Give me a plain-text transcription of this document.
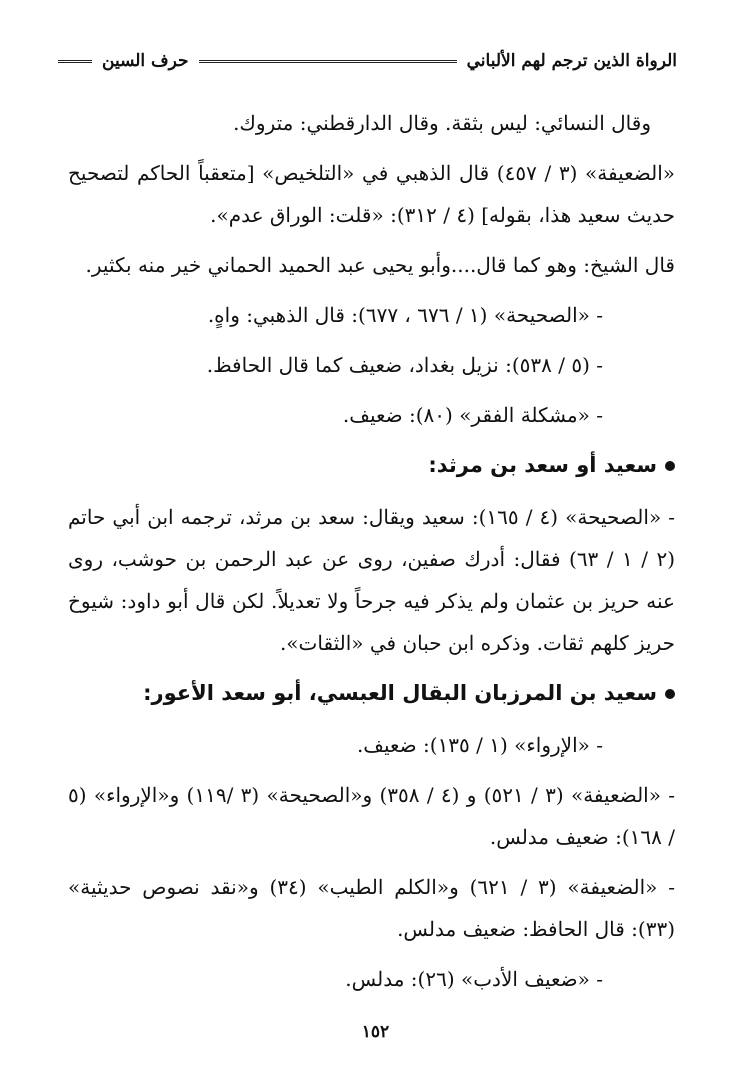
الرواة الذين ترجم لهم الألباني
حرف السين

وقال النسائي: ليس بثقة. وقال الدارقطني: متروك.

«الضعيفة» (٣ / ٤٥٧) قال الذهبي في «التلخيص» [متعقباً الحاكم لتصحيح حديث سعيد هذا، بقوله] (٤ / ٣١٢): «قلت: الوراق عدم».

قال الشيخ: وهو كما قال....وأبو يحيى عبد الحميد الحماني خير منه بكثير.

- «الصحيحة» (١ / ٦٧٦ ، ٦٧٧): قال الذهبي: واهٍ.

- (٥ / ٥٣٨): نزيل بغداد، ضعيف كما قال الحافظ.

- «مشكلة الفقر» (٨٠): ضعيف.

سعيد أو سعد بن مرثد:

- «الصحيحة» (٤ / ١٦٥): سعيد ويقال: سعد بن مرثد، ترجمه ابن أبي حاتم (٢ / ١ / ٦٣) فقال: أدرك صفين، روى عن عبد الرحمن بن حوشب، روى عنه حريز بن عثمان ولم يذكر فيه جرحاً ولا تعديلاً. لكن قال أبو داود: شيوخ حريز كلهم ثقات. وذكره ابن حبان في «الثقات».

سعيد بن المرزبان البقال العبسي، أبو سعد الأعور:

- «الإرواء» (١ / ١٣٥): ضعيف.

- «الضعيفة» (٣ / ٥٢١) و (٤ / ٣٥٨) و«الصحيحة» (٣ /١١٩) و«الإرواء» (٥ / ١٦٨): ضعيف مدلس.

- «الضعيفة» (٣ / ٦٢١) و«الكلم الطيب» (٣٤) و«نقد نصوص حديثية» (٣٣): قال الحافظ: ضعيف مدلس.

- «ضعيف الأدب» (٢٦): مدلس.

١٥٢
